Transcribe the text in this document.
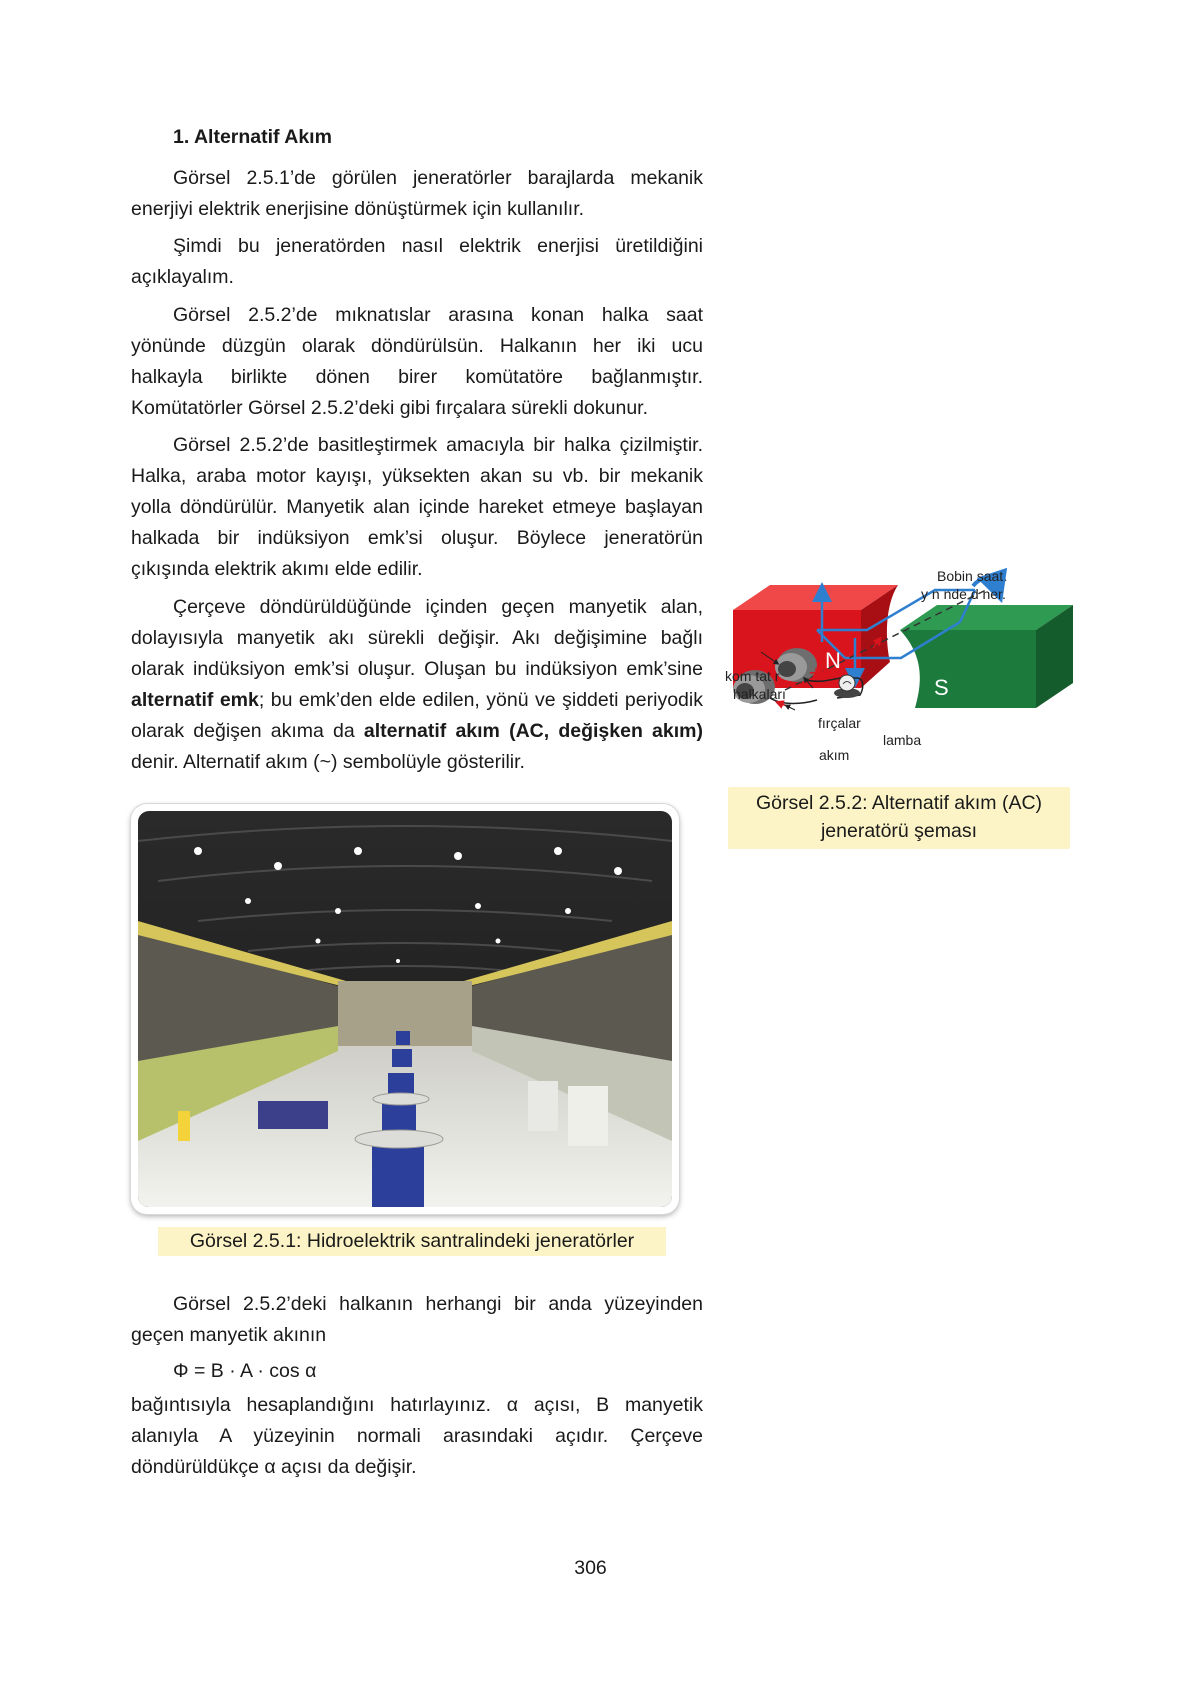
1. Alternatif Akım

Görsel 2.5.1’de görülen jeneratörler barajlarda mekanik enerjiyi elektrik enerjisine dönüştürmek için kullanılır.

Şimdi bu jeneratörden nasıl elektrik enerjisi üretildiğini açıklayalım.

Görsel 2.5.2’de mıknatıslar arasına konan halka saat yönünde düzgün olarak döndürülsün. Halkanın her iki ucu halkayla birlikte dönen birer komütatöre bağlanmıştır. Komütatörler Görsel 2.5.2’deki gibi fırçalara sürekli dokunur.

Görsel 2.5.2’de basitleştirmek amacıyla bir halka çizilmiştir. Halka, araba motor kayışı, yüksekten akan su vb. bir mekanik yolla döndürülür. Manyetik alan içinde hareket etmeye başlayan halkada bir indüksiyon emk’si oluşur. Böylece jeneratörün çıkışında elektrik akımı elde edilir.

Çerçeve döndürüldüğünde içinden geçen manyetik alan, dolayısıyla manyetik akı sürekli değişir. Akı değişimine bağlı olarak indüksiyon emk’si oluşur. Oluşan bu indüksiyon emk’sine alternatif emk; bu emk’den elde edilen, yönü ve şiddeti periyodik olarak değişen akıma da alternatif akım (AC, değişken akım) denir. Alternatif akım (~) sembolüyle gösterilir.

Bobin saat
y n nde d ner.
N
S
kom tat r
halkaları
fırçalar
lamba
akım
Görsel 2.5.2: Alternatif akım (AC)
jeneratörü şeması
Görsel 2.5.1: Hidroelektrik santralindeki jeneratörler

Görsel 2.5.2’deki halkanın herhangi bir anda yüzeyinden geçen manyetik akının

Φ = B · A · cos α

bağıntısıyla hesaplandığını hatırlayınız. α açısı, B manyetik alanıyla A yüzeyinin normali arasındaki açıdır. Çerçeve döndürüldükçe α açısı da değişir.

306
